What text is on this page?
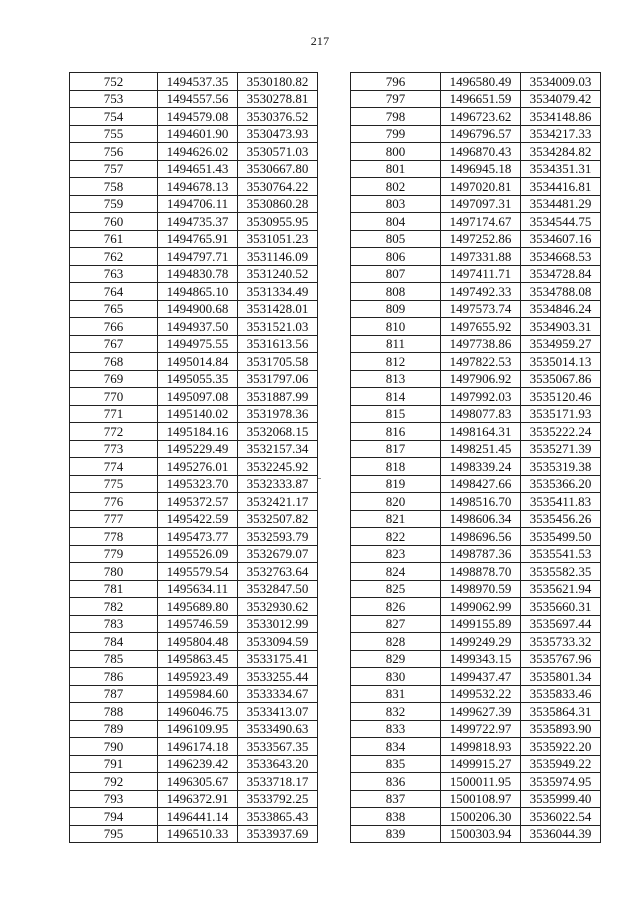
217
752	1494537.35	3530180.82
753	1494557.56	3530278.81
754	1494579.08	3530376.52
755	1494601.90	3530473.93
756	1494626.02	3530571.03
757	1494651.43	3530667.80
758	1494678.13	3530764.22
759	1494706.11	3530860.28
760	1494735.37	3530955.95
761	1494765.91	3531051.23
762	1494797.71	3531146.09
763	1494830.78	3531240.52
764	1494865.10	3531334.49
765	1494900.68	3531428.01
766	1494937.50	3531521.03
767	1494975.55	3531613.56
768	1495014.84	3531705.58
769	1495055.35	3531797.06
770	1495097.08	3531887.99
771	1495140.02	3531978.36
772	1495184.16	3532068.15
773	1495229.49	3532157.34
774	1495276.01	3532245.92
775	1495323.70	3532333.87
776	1495372.57	3532421.17
777	1495422.59	3532507.82
778	1495473.77	3532593.79
779	1495526.09	3532679.07
780	1495579.54	3532763.64
781	1495634.11	3532847.50
782	1495689.80	3532930.62
783	1495746.59	3533012.99
784	1495804.48	3533094.59
785	1495863.45	3533175.41
786	1495923.49	3533255.44
787	1495984.60	3533334.67
788	1496046.75	3533413.07
789	1496109.95	3533490.63
790	1496174.18	3533567.35
791	1496239.42	3533643.20
792	1496305.67	3533718.17
793	1496372.91	3533792.25
794	1496441.14	3533865.43
795	1496510.33	3533937.69
796	1496580.49	3534009.03
797	1496651.59	3534079.42
798	1496723.62	3534148.86
799	1496796.57	3534217.33
800	1496870.43	3534284.82
801	1496945.18	3534351.31
802	1497020.81	3534416.81
803	1497097.31	3534481.29
804	1497174.67	3534544.75
805	1497252.86	3534607.16
806	1497331.88	3534668.53
807	1497411.71	3534728.84
808	1497492.33	3534788.08
809	1497573.74	3534846.24
810	1497655.92	3534903.31
811	1497738.86	3534959.27
812	1497822.53	3535014.13
813	1497906.92	3535067.86
814	1497992.03	3535120.46
815	1498077.83	3535171.93
816	1498164.31	3535222.24
817	1498251.45	3535271.39
818	1498339.24	3535319.38
819	1498427.66	3535366.20
820	1498516.70	3535411.83
821	1498606.34	3535456.26
822	1498696.56	3535499.50
823	1498787.36	3535541.53
824	1498878.70	3535582.35
825	1498970.59	3535621.94
826	1499062.99	3535660.31
827	1499155.89	3535697.44
828	1499249.29	3535733.32
829	1499343.15	3535767.96
830	1499437.47	3535801.34
831	1499532.22	3535833.46
832	1499627.39	3535864.31
833	1499722.97	3535893.90
834	1499818.93	3535922.20
835	1499915.27	3535949.22
836	1500011.95	3535974.95
837	1500108.97	3535999.40
838	1500206.30	3536022.54
839	1500303.94	3536044.39
